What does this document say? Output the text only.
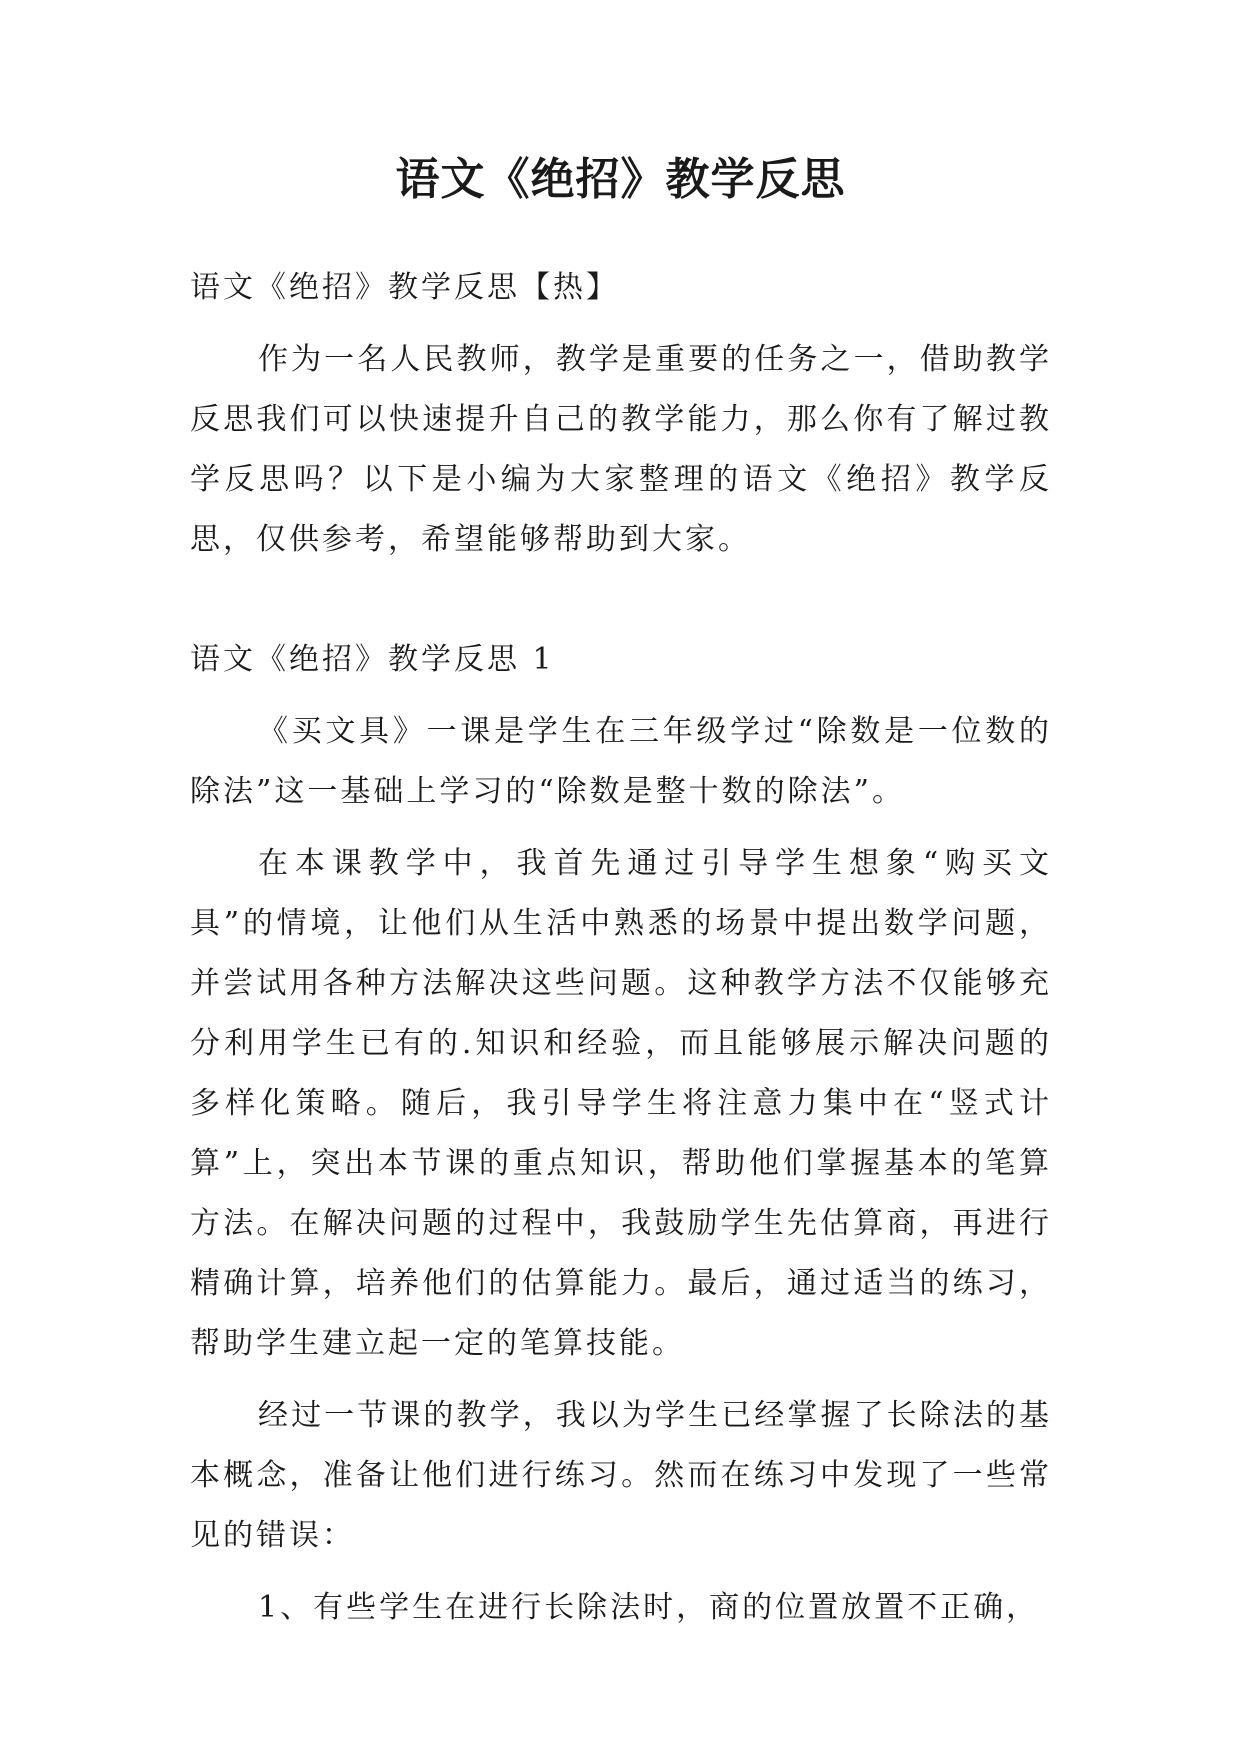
语文《绝招》教学反思

语文《绝招》教学反思【热】

作为一名人民教师，教学是重要的任务之一，借助教学反思我们可以快速提升自己的教学能力，那么你有了解过教学反思吗？以下是小编为大家整理的语文《绝招》教学反思，仅供参考，希望能够帮助到大家。

语文《绝招》教学反思 1

《买文具》一课是学生在三年级学过“除数是一位数的除法”这一基础上学习的“除数是整十数的除法”。

在本课教学中，我首先通过引导学生想象“购买文具”的情境，让他们从生活中熟悉的场景中提出数学问题，并尝试用各种方法解决这些问题。这种教学方法不仅能够充分利用学生已有的.知识和经验，而且能够展示解决问题的多样化策略。随后，我引导学生将注意力集中在“竖式计算”上，突出本节课的重点知识，帮助他们掌握基本的笔算方法。在解决问题的过程中，我鼓励学生先估算商，再进行精确计算，培养他们的估算能力。最后，通过适当的练习，帮助学生建立起一定的笔算技能。

经过一节课的教学，我以为学生已经掌握了长除法的基本概念，准备让他们进行练习。然而在练习中发现了一些常见的错误：

1、有些学生在进行长除法时，商的位置放置不正确，
